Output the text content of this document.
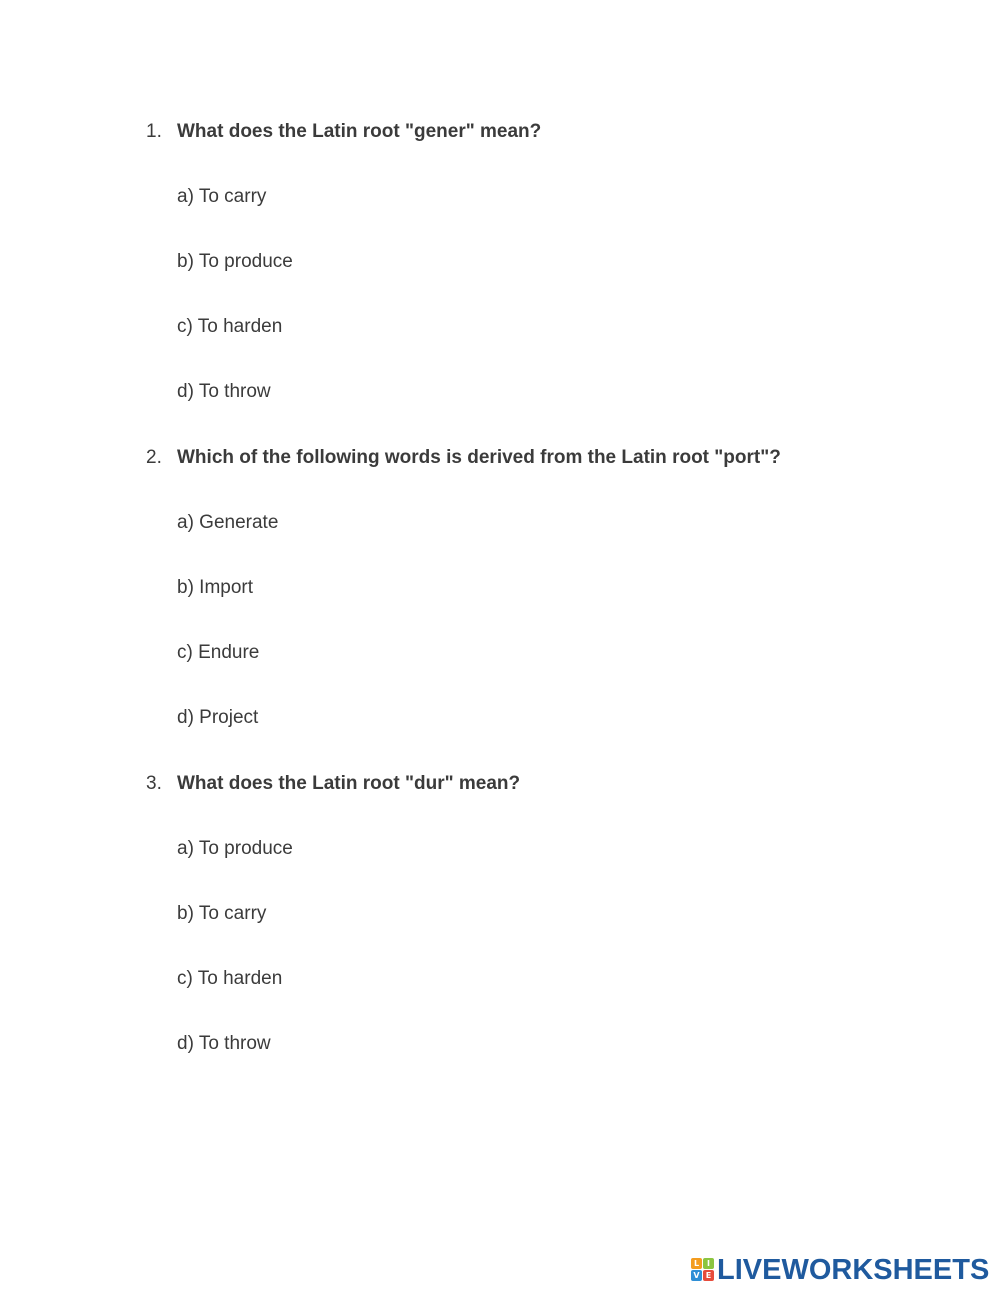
1. What does the Latin root "gener" mean?
a) To carry
b) To produce
c) To harden
d) To throw
2. Which of the following words is derived from the Latin root "port"?
a) Generate
b) Import
c) Endure
d) Project
3. What does the Latin root "dur" mean?
a) To produce
b) To carry
c) To harden
d) To throw
L I
V E LIVEWORKSHEETS
